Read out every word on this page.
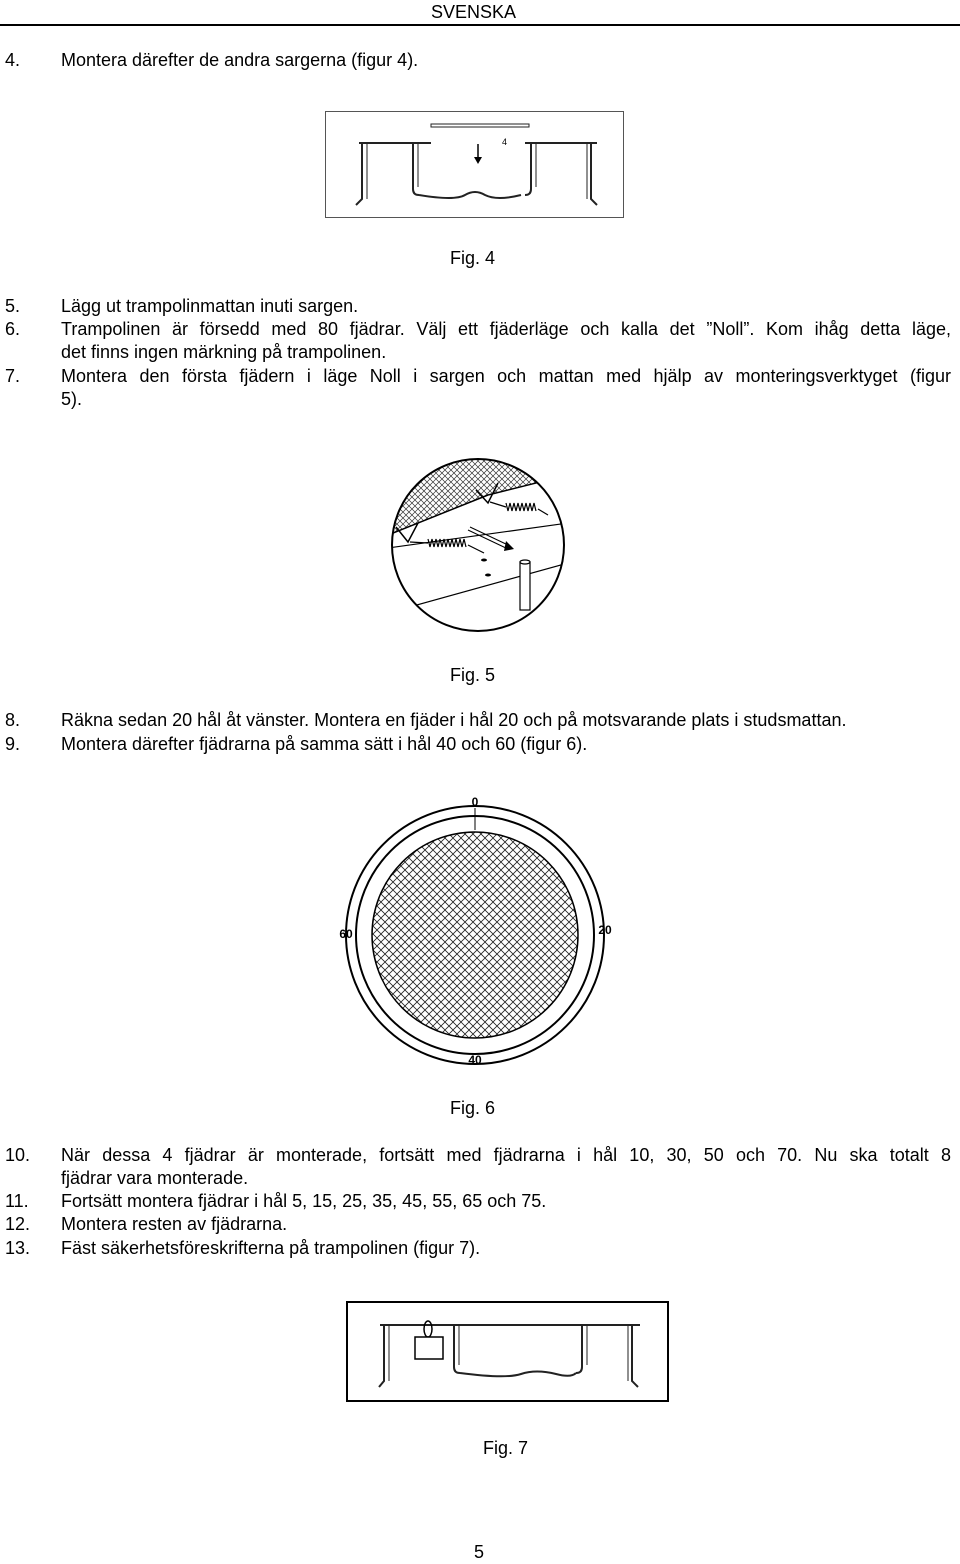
SVENSKA
4. Montera därefter de andra sargerna (figur 4).
4
Fig. 4
5. Lägg ut trampolinmattan inuti sargen.
6. Trampolinen är försedd med 80 fjädrar. Välj ett fjäderläge och kalla det ”Noll”. Kom ihåg detta läge,
det finns ingen märkning på trampolinen.
7. Montera den första fjädern i läge Noll i sargen och mattan med hjälp av monteringsverktyget (figur
5).
Fig. 5
8. Räkna sedan 20 hål åt vänster. Montera en fjäder i hål 20 och på motsvarande plats i studsmattan.
9. Montera därefter fjädrarna på samma sätt i hål 40 och 60 (figur 6).
0
20
40
60
Fig. 6
10. När dessa 4 fjädrar är monterade, fortsätt med fjädrarna i hål 10, 30, 50 och 70. Nu ska totalt 8
fjädrar vara monterade.
11. Fortsätt montera fjädrar i hål 5, 15, 25, 35, 45, 55, 65 och 75.
12. Montera resten av fjädrarna.
13. Fäst säkerhetsföreskrifterna på trampolinen (figur 7).
Fig. 7
5
